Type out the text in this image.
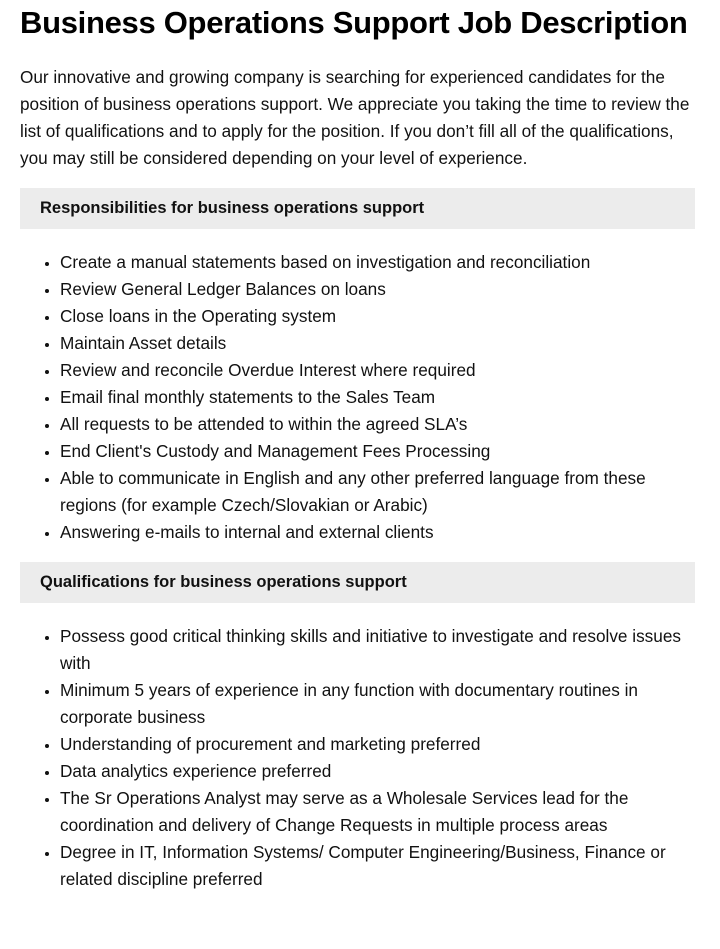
Business Operations Support Job Description

Our innovative and growing company is searching for experienced candidates for the position of business operations support. We appreciate you taking the time to review the list of qualifications and to apply for the position. If you don’t fill all of the qualifications, you may still be considered depending on your level of experience.

Responsibilities for business operations support
• Create a manual statements based on investigation and reconciliation
• Review General Ledger Balances on loans
• Close loans in the Operating system
• Maintain Asset details
• Review and reconcile Overdue Interest where required
• Email final monthly statements to the Sales Team
• All requests to be attended to within the agreed SLA’s
• End Client's Custody and Management Fees Processing
• Able to communicate in English and any other preferred language from these regions (for example Czech/Slovakian or Arabic)
• Answering e-mails to internal and external clients
Qualifications for business operations support
• Possess good critical thinking skills and initiative to investigate and resolve issues with
• Minimum 5 years of experience in any function with documentary routines in corporate business
• Understanding of procurement and marketing preferred
• Data analytics experience preferred
• The Sr Operations Analyst may serve as a Wholesale Services lead for the coordination and delivery of Change Requests in multiple process areas
• Degree in IT, Information Systems/ Computer Engineering/Business, Finance or related discipline preferred
